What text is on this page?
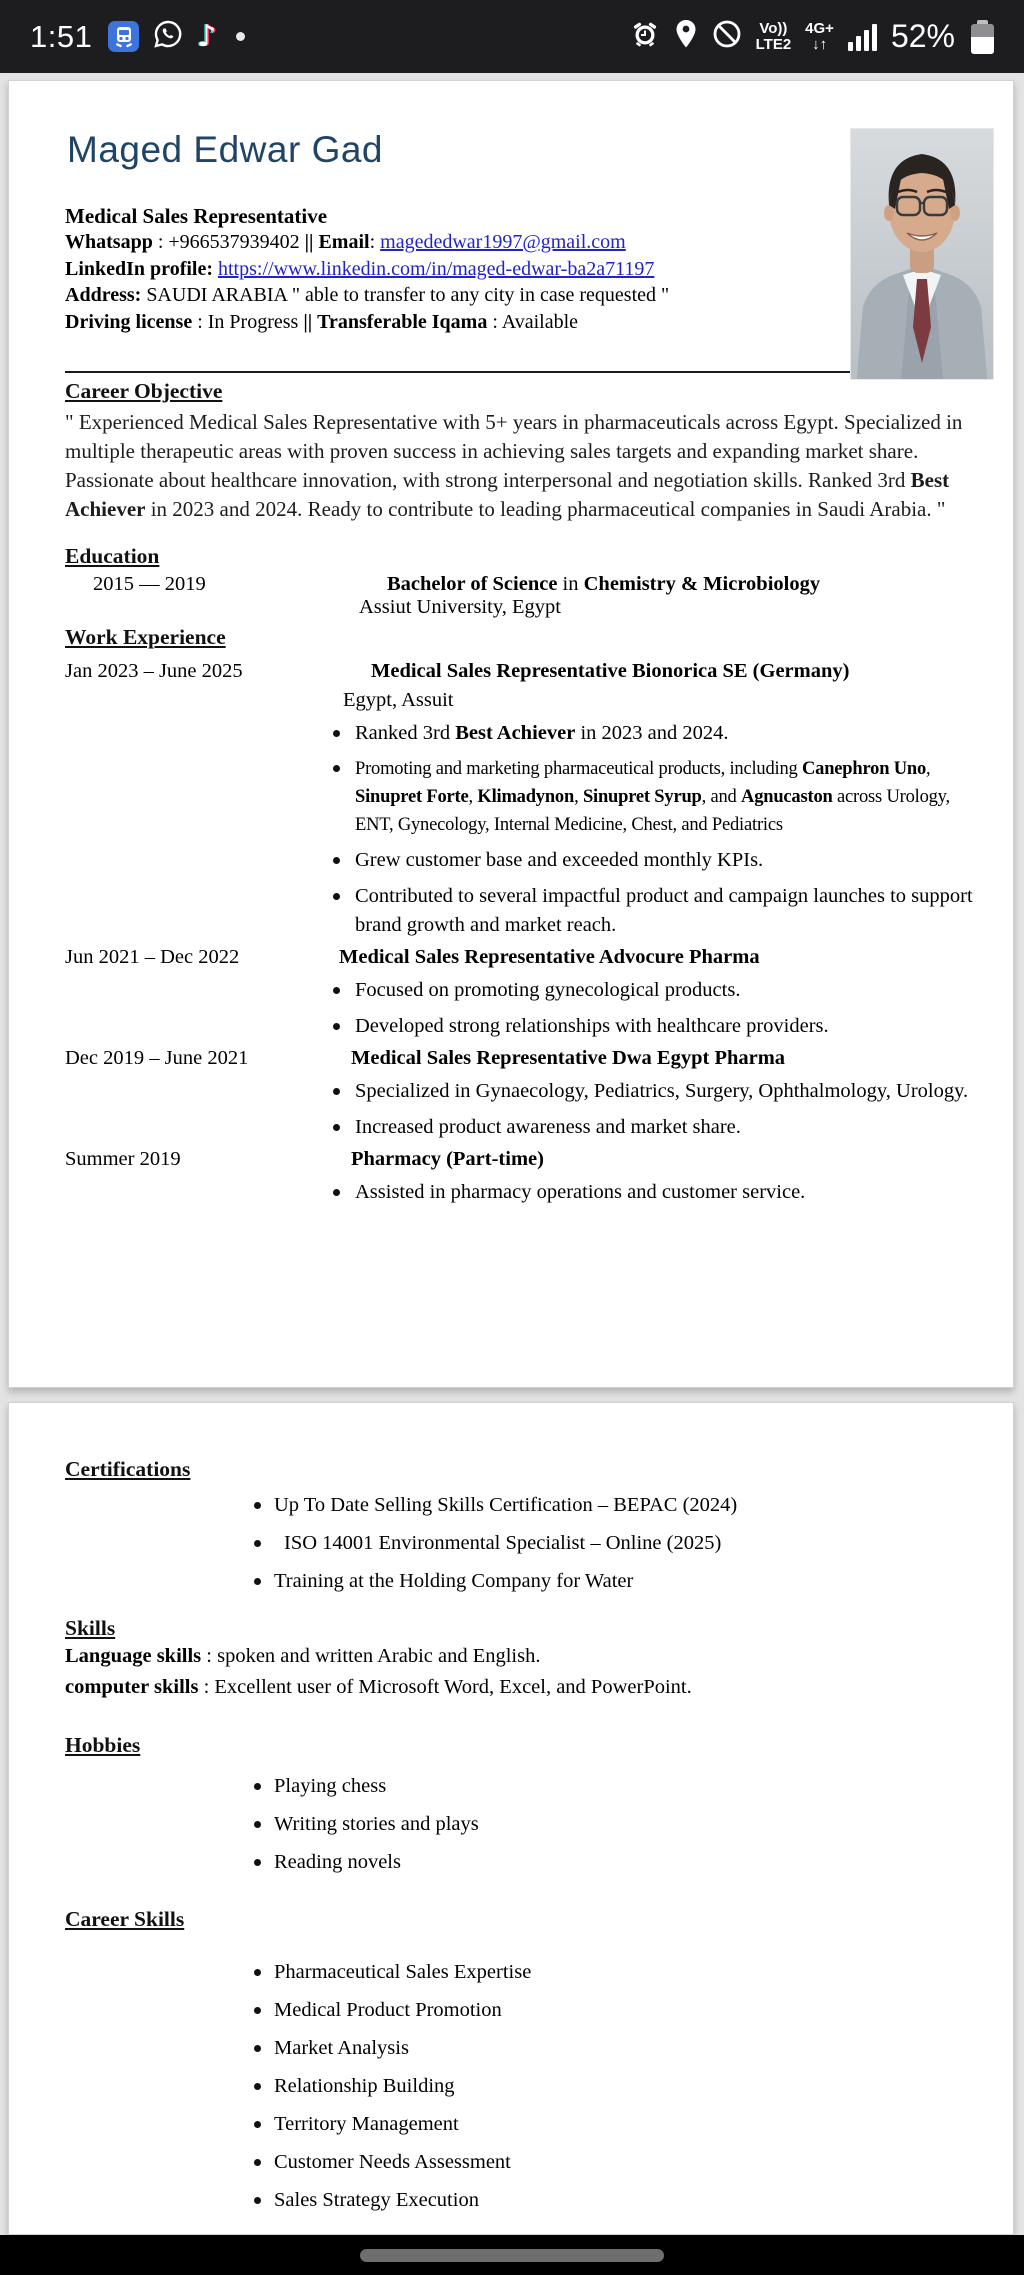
1:51	♪	Vo))
LTE2
4G+
↓↑ 52%
Maged Edwar Gad
Medical Sales Representative
Whatsapp : +966537939402 || Email: magededwar1997@gmail.com
LinkedIn profile: https://www.linkedin.com/in/maged-edwar-ba2a71197
Address: SAUDI ARABIA " able to transfer to any city in case requested "
Driving license : In Progress || Transferable Iqama : Available
Career Objective
" Experienced Medical Sales Representative with 5+ years in pharmaceuticals across Egypt. Specialized in multiple therapeutic areas with proven success in achieving sales targets and expanding market share. Passionate about healthcare innovation, with strong interpersonal and negotiation skills. Ranked 3rd Best Achiever in 2023 and 2024. Ready to contribute to leading pharmaceutical companies in Saudi Arabia. "
Education
2015 — 2019	Bachelor of Science in Chemistry & Microbiology
Assiut University, Egypt
Work Experience
Jan 2023 – June 2025	Medical Sales Representative Bionorica SE (Germany)
Egypt, Assuit
Ranked 3rd Best Achiever in 2023 and 2024.
Promoting and marketing pharmaceutical products, including Canephron Uno, Sinupret Forte, Klimadynon, Sinupret Syrup, and Agnucaston across Urology, ENT, Gynecology, Internal Medicine, Chest, and Pediatrics
Grew customer base and exceeded monthly KPIs.
Contributed to several impactful product and campaign launches to support brand growth and market reach.
Jun 2021 – Dec 2022	Medical Sales Representative Advocure Pharma
Focused on promoting gynecological products.
Developed strong relationships with healthcare providers.
Dec 2019 – June 2021	Medical Sales Representative Dwa Egypt Pharma
Specialized in Gynaecology, Pediatrics, Surgery, Ophthalmology, Urology.
Increased product awareness and market share.
Summer 2019	Pharmacy (Part-time)
Assisted in pharmacy operations and customer service.
Certifications
Up To Date Selling Skills Certification – BEPAC (2024)
ISO 14001 Environmental Specialist – Online (2025)
Training at the Holding Company for Water
Skills
Language skills : spoken and written Arabic and English.
computer skills : Excellent user of Microsoft Word, Excel, and PowerPoint.
Hobbies
Playing chess
Writing stories and plays
Reading novels
Career Skills
Pharmaceutical Sales Expertise
Medical Product Promotion
Market Analysis
Relationship Building
Territory Management
Customer Needs Assessment
Sales Strategy Execution
